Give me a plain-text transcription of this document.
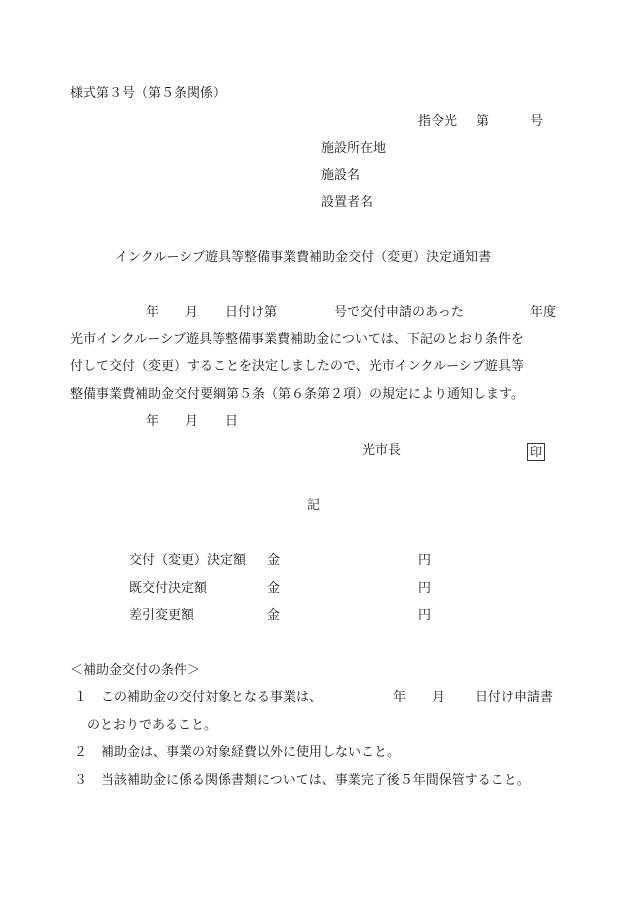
様式第３号（第５条関係）
指令光 第	号
施設所在地
施設名
設置者名
インクルーシブ遊具等整備事業費補助金交付（変更）決定通知書
年 月 日付け第	号で交付申請のあった	年度
光市インクルーシブ遊具等整備事業費補助金については、下記のとおり条件を
付して交付（変更）することを決定しましたので、光市インクルーシブ遊具等
整備事業費補助金交付要綱第５条（第６条第２項）の規定により通知します。
年 月 日
光市長	印
記
交付（変更）決定額 金	円
既交付決定額	金	円
差引変更額	金	円
＜補助金交付の条件＞
１ この補助金の交付対象となる事業は、	年 月 日付け申請書
のとおりであること。
２ 補助金は、事業の対象経費以外に使用しないこと。
３ 当該補助金に係る関係書類については、事業完了後５年間保管すること。
